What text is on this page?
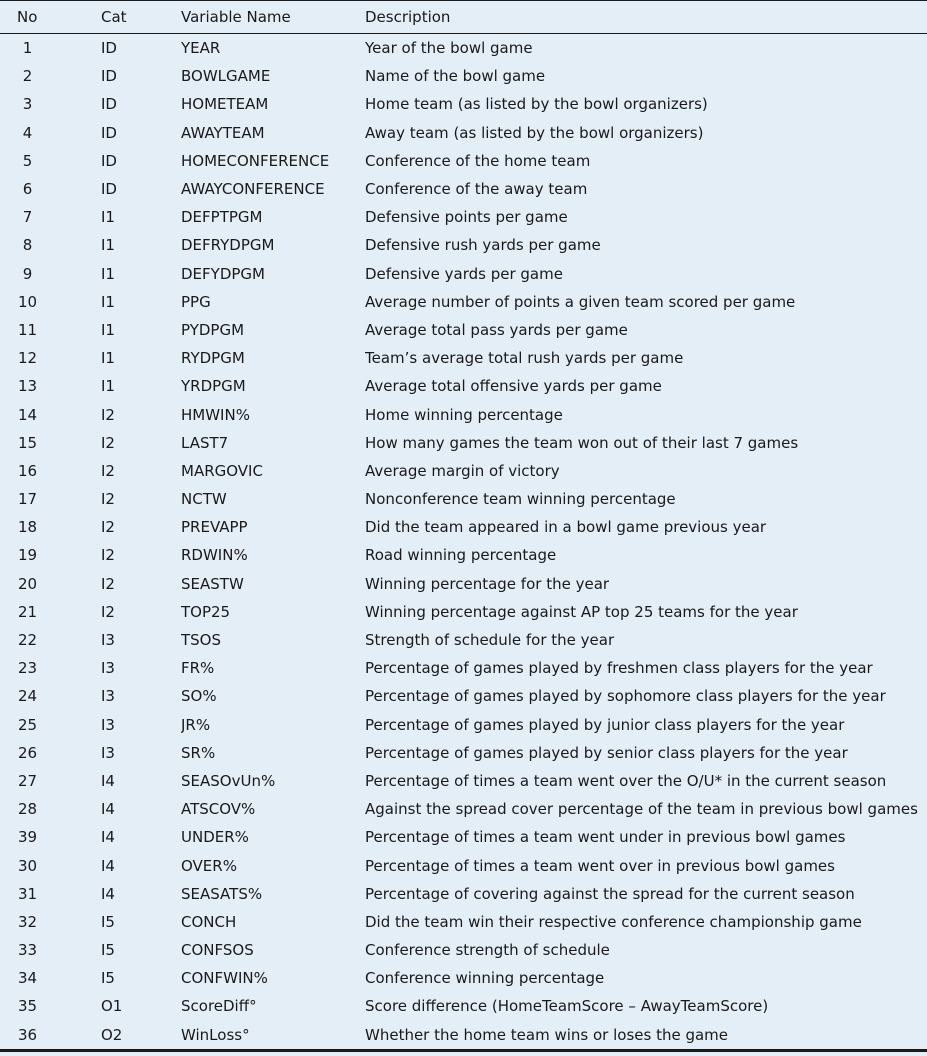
No	Cat	Variable Name	Description
1	ID	YEAR	Year of the bowl game
2	ID	BOWLGAME	Name of the bowl game
3	ID	HOMETEAM	Home team (as listed by the bowl organizers)
4	ID	AWAYTEAM	Away team (as listed by the bowl organizers)
5	ID	HOMECONFERENCE	Conference of the home team
6	ID	AWAYCONFERENCE	Conference of the away team
7	I1	DEFPTPGM	Defensive points per game
8	I1	DEFRYDPGM	Defensive rush yards per game
9	I1	DEFYDPGM	Defensive yards per game
10	I1	PPG	Average number of points a given team scored per game
11	I1	PYDPGM	Average total pass yards per game
12	I1	RYDPGM	Team’s average total rush yards per game
13	I1	YRDPGM	Average total offensive yards per game
14	I2	HMWIN%	Home winning percentage
15	I2	LAST7	How many games the team won out of their last 7 games
16	I2	MARGOVIC	Average margin of victory
17	I2	NCTW	Nonconference team winning percentage
18	I2	PREVAPP	Did the team appeared in a bowl game previous year
19	I2	RDWIN%	Road winning percentage
20	I2	SEASTW	Winning percentage for the year
21	I2	TOP25	Winning percentage against AP top 25 teams for the year
22	I3	TSOS	Strength of schedule for the year
23	I3	FR%	Percentage of games played by freshmen class players for the year
24	I3	SO%	Percentage of games played by sophomore class players for the year
25	I3	JR%	Percentage of games played by junior class players for the year
26	I3	SR%	Percentage of games played by senior class players for the year
27	I4	SEASOvUn%	Percentage of times a team went over the O/U* in the current season
28	I4	ATSCOV%	Against the spread cover percentage of the team in previous bowl games
39	I4	UNDER%	Percentage of times a team went under in previous bowl games
30	I4	OVER%	Percentage of times a team went over in previous bowl games
31	I4	SEASATS%	Percentage of covering against the spread for the current season
32	I5	CONCH	Did the team win their respective conference championship game
33	I5	CONFSOS	Conference strength of schedule
34	I5	CONFWIN%	Conference winning percentage
35	O1	ScoreDiff°	Score difference (HomeTeamScore – AwayTeamScore)
36	O2	WinLoss°	Whether the home team wins or loses the game
